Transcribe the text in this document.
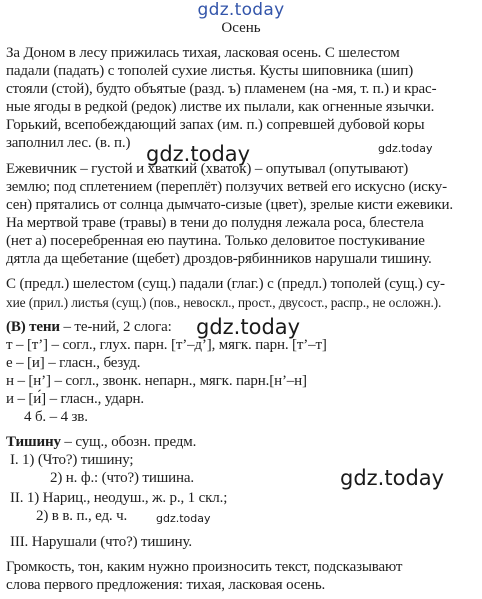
gdz.today
Осень
За Доном в лесу прижилась тихая, ласковая осень. С шелестом
падали (падать) с тополей сухие листья. Кусты шиповника (шип)
стояли (стой), будто объятые (разд. ъ) пламенем (на -мя, т. п.) и крас-
ные ягоды в редкой (редок) листве их пылали, как огненные язычки.
Горький, всепобеждающий запах (им. п.) сопревшей дубовой коры
заполнил лес. (в. п.) gdz.today	gdz.today
Ежевичник – густой и хваткий (хваток) – опутывал (опутывают)
землю; под сплетением (переплёт) ползучих ветвей его искусно (иску-
сен) прятались от солнца дымчато-сизые (цвет), зрелые кисти ежевики.
На мертвой траве (травы) в тени до полудня лежала роса, блестела
(нет а) посеребренная ею паутина. Только деловитое постукивание
дятла да щебетание (щебет) дроздов-рябинников нарушали тишину.
С (предл.) шелестом (сущ.) падали (глаг.) с (предл.) тополей (сущ.) су-
хие (прил.) листья (сущ.) (пов., невоскл., прост., двусост., распр., не осложн.).
(В) тени – те-ний, 2 слога:	gdz.today
т – [т’] – согл., глух. парн. [т’–д’], мягк. парн. [т’–т]
е – [и] – гласн., безуд.
н – [н’] – согл., звонк. непарн., мягк. парн.[н’–н]
и – [и́] – гласн., ударн.
4 б. – 4 зв.
Тишину – сущ., обозн. предм.
I. 1) (Что?) тишину;
2) н. ф.: (что?) тишина.	gdz.today
II. 1) Нариц., неодуш., ж. р., 1 скл.;
2) в в. п., ед. ч.	gdz.today
III. Нарушали (что?) тишину.
Громкость, тон, каким нужно произносить текст, подсказывают
слова первого предложения: тихая, ласковая осень.
